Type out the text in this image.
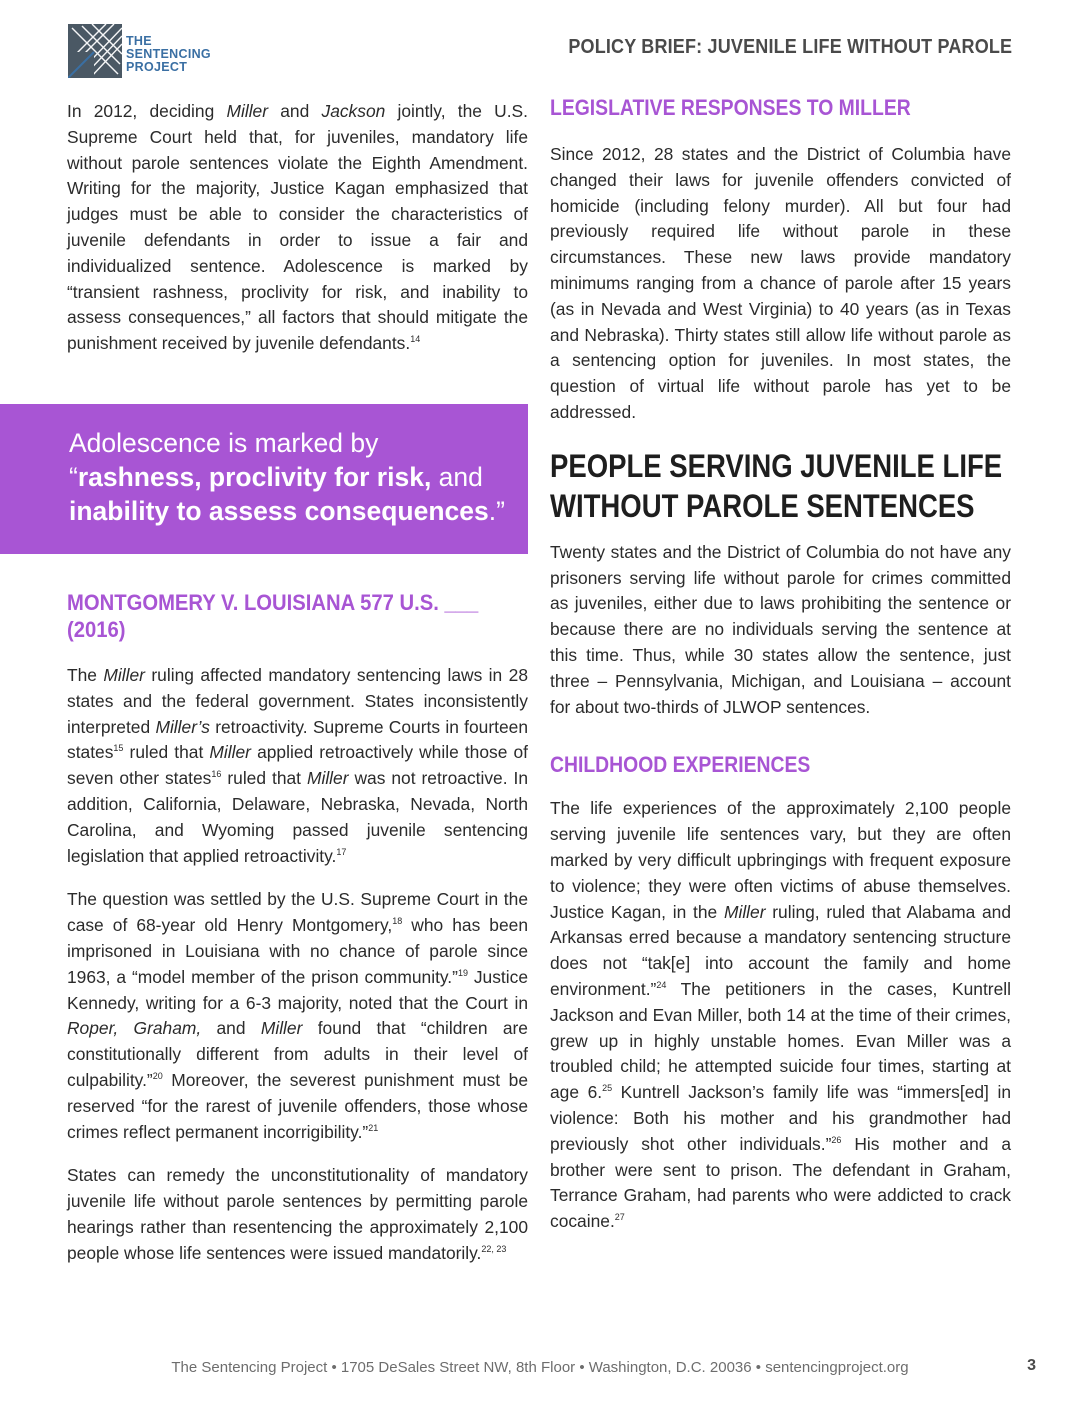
THE
SENTENCING
PROJECT
POLICY BRIEF: JUVENILE LIFE WITHOUT PAROLE

In 2012, deciding Miller and Jackson jointly, the U.S. Supreme Court held that, for juveniles, mandatory life without parole sentences violate the Eighth Amendment. Writing for the majority, Justice Kagan emphasized that judges must be able to consider the characteristics of juvenile defendants in order to issue a fair and individualized sentence. Adolescence is marked by “transient rashness, proclivity for risk, and inability to assess consequences,” all factors that should mitigate the punishment received by juvenile defendants.$^{14}$

Adolescence is marked by
“rashness, proclivity for risk, and
inability to assess consequences.”
MONTGOMERY V. LOUISIANA 577 U.S. ___ (2016)

The Miller ruling affected mandatory sentencing laws in 28 states and the federal government. States inconsistently interpreted Miller’s retroactivity. Supreme Courts in fourteen states$^{15}$ ruled that Miller applied retroactively while those of seven other states$^{16}$ ruled that Miller was not retroactive. In addition, California, Delaware, Nebraska, Nevada, North Carolina, and Wyoming passed juvenile sentencing legislation that applied retroactivity.$^{17}$

The question was settled by the U.S. Supreme Court in the case of 68-year old Henry Montgomery,$^{18}$ who has been imprisoned in Louisiana with no chance of parole since 1963, a “model member of the prison community.”$^{19}$ Justice Kennedy, writing for a 6-3 majority, noted that the Court in Roper, Graham, and Miller found that “children are constitutionally different from adults in their level of culpability.”$^{20}$ Moreover, the severest punishment must be reserved “for the rarest of juvenile offenders, those whose crimes reflect permanent incorrigibility.”$^{21}$

States can remedy the unconstitutionality of mandatory juvenile life without parole sentences by permitting parole hearings rather than resentencing the approximately 2,100 people whose life sentences were issued mandatorily.$^{22, 23}$

LEGISLATIVE RESPONSES TO MILLER

Since 2012, 28 states and the District of Columbia have changed their laws for juvenile offenders convicted of homicide (including felony murder). All but four had previously required life without parole in these circumstances. These new laws provide mandatory minimums ranging from a chance of parole after 15 years (as in Nevada and West Virginia) to 40 years (as in Texas and Nebraska). Thirty states still allow life without parole as a sentencing option for juveniles. In most states, the question of virtual life without parole has yet to be addressed.

PEOPLE SERVING JUVENILE LIFE WITHOUT PAROLE SENTENCES

Twenty states and the District of Columbia do not have any prisoners serving life without parole for crimes committed as juveniles, either due to laws prohibiting the sentence or because there are no individuals serving the sentence at this time. Thus, while 30 states allow the sentence, just three – Pennsylvania, Michigan, and Louisiana – account for about two-thirds of JLWOP sentences.

CHILDHOOD EXPERIENCES

The life experiences of the approximately 2,100 people serving juvenile life sentences vary, but they are often marked by very difficult upbringings with frequent exposure to violence; they were often victims of abuse themselves. Justice Kagan, in the Miller ruling, ruled that Alabama and Arkansas erred because a mandatory sentencing structure does not “tak[e] into account the family and home environment.”$^{24}$ The petitioners in the cases, Kuntrell Jackson and Evan Miller, both 14 at the time of their crimes, grew up in highly unstable homes. Evan Miller was a troubled child; he attempted suicide four times, starting at age 6.25 Kuntrell Jackson’s family life was “immers[ed] in violence: Both his mother and his grandmother had previously shot other individuals.”$^{26}$ His mother and a brother were sent to prison. The defendant in Graham, Terrance Graham, had parents who were addicted to crack cocaine.$^{27}$

The Sentencing Project • 1705 DeSales Street NW, 8th Floor • Washington, D.C. 20036 • sentencingproject.org	3
